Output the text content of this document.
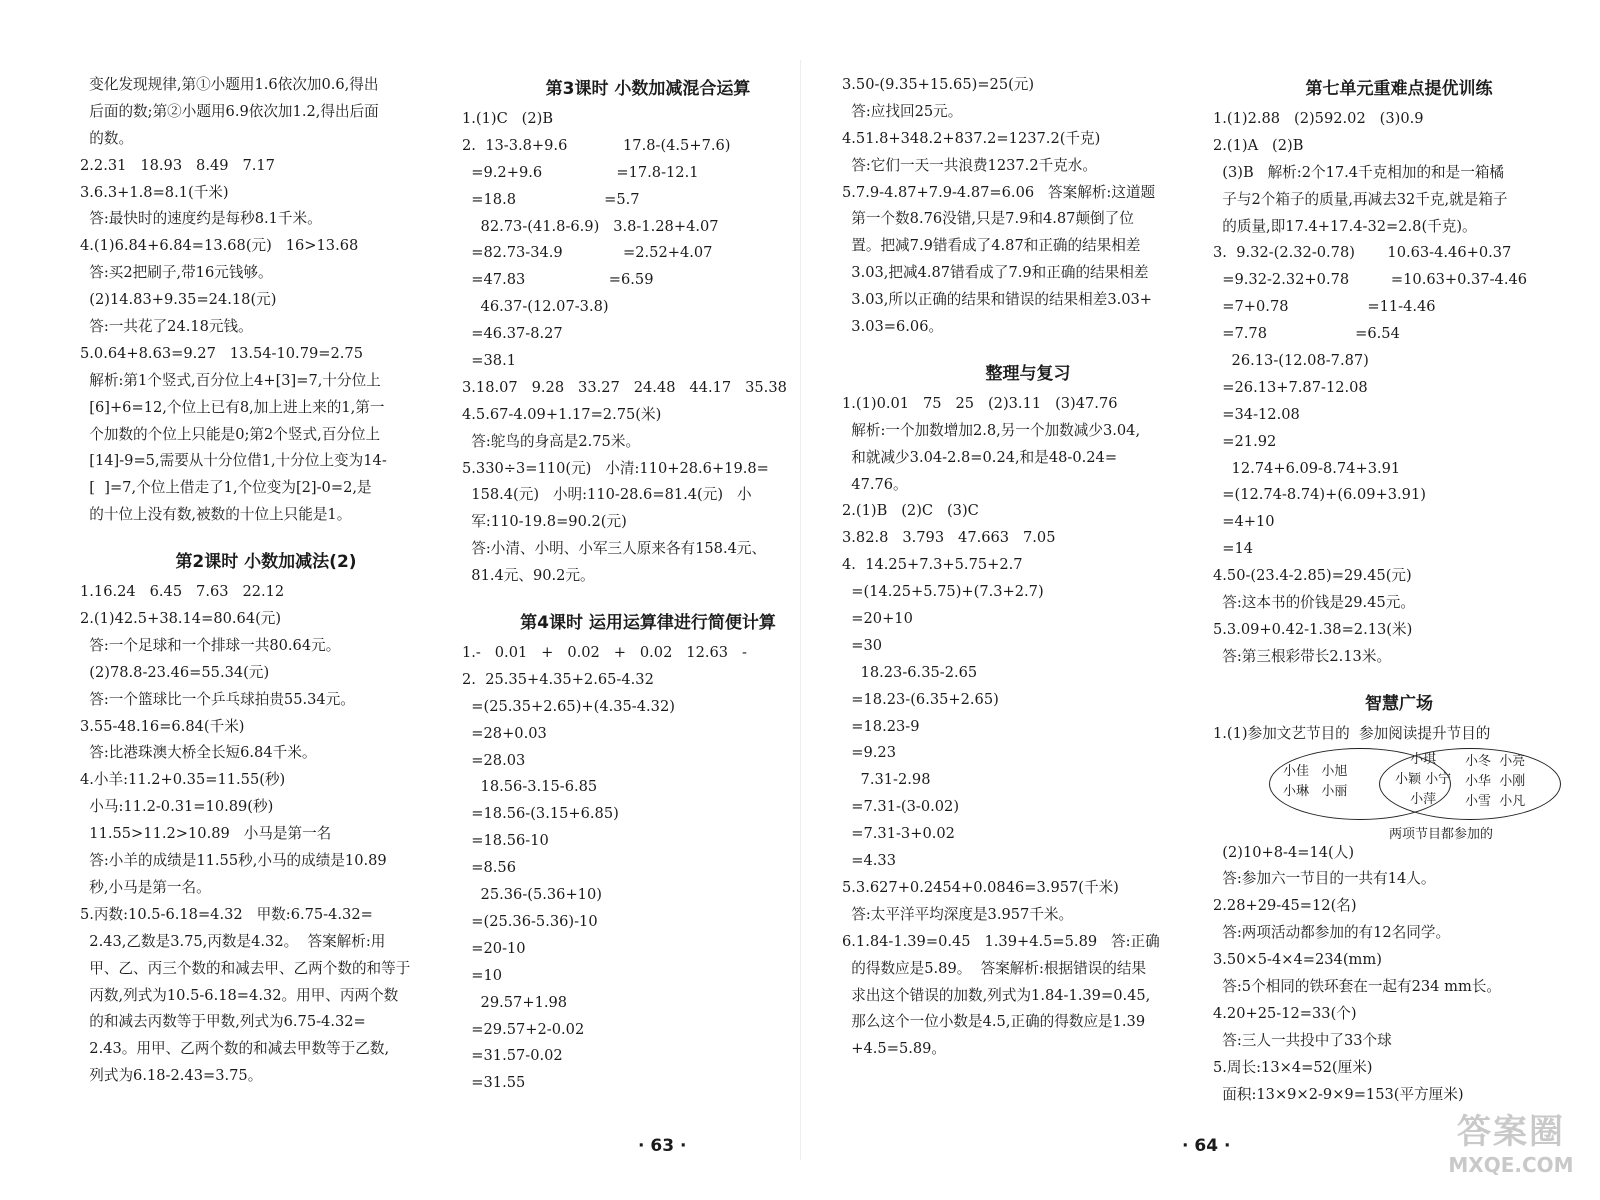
变化发现规律,第①小题用1.6依次加0.6,得出
后面的数;第②小题用6.9依次加1.2,得出后面
的数。
2.2.31   18.93   8.49   7.17
3.6.3+1.8=8.1(千米)
答:最快时的速度约是每秒8.1千米。
4.(1)6.84+6.84=13.68(元)   16>13.68
答:买2把刷子,带16元钱够。
(2)14.83+9.35=24.18(元)
答:一共花了24.18元钱。
5.0.64+8.63=9.27   13.54-10.79=2.75
解析:第1个竖式,百分位上4+[3]=7,十分位上
[6]+6=12,个位上已有8,加上进上来的1,第一
个加数的个位上只能是0;第2个竖式,百分位上
[14]-9=5,需要从十分位借1,十分位上变为14-
[  ]=7,个位上借走了1,个位变为[2]-0=2,是
的十位上没有数,被数的十位上只能是1。
第2课时 小数加减法(2)
1.16.24   6.45   7.63   22.12
2.(1)42.5+38.14=80.64(元)
答:一个足球和一个排球一共80.64元。
(2)78.8-23.46=55.34(元)
答:一个篮球比一个乒乓球拍贵55.34元。
3.55-48.16=6.84(千米)
答:比港珠澳大桥全长短6.84千米。
4.小羊:11.2+0.35=11.55(秒)
小马:11.2-0.31=10.89(秒)
11.55>11.2>10.89   小马是第一名
答:小羊的成绩是11.55秒,小马的成绩是10.89
秒,小马是第一名。
5.丙数:10.5-6.18=4.32   甲数:6.75-4.32=
2.43,乙数是3.75,丙数是4.32。  答案解析:用
甲、乙、丙三个数的和减去甲、乙两个数的和等于
丙数,列式为10.5-6.18=4.32。用甲、丙两个数
的和减去丙数等于甲数,列式为6.75-4.32=
2.43。用甲、乙两个数的和减去甲数等于乙数,
列式为6.18-2.43=3.75。
第3课时 小数加减混合运算
1.(1)C   (2)B
2.  13-3.8+9.6            17.8-(4.5+7.6)
=9.2+9.6                =17.8-12.1
=18.8                   =5.7
82.73-(41.8-6.9)   3.8-1.28+4.07
=82.73-34.9             =2.52+4.07
=47.83                  =6.59
46.37-(12.07-3.8)
=46.37-8.27
=38.1
3.18.07   9.28   33.27   24.48   44.17   35.38
4.5.67-4.09+1.17=2.75(米)
答:鸵鸟的身高是2.75米。
5.330÷3=110(元)   小清:110+28.6+19.8=
158.4(元)   小明:110-28.6=81.4(元)   小
军:110-19.8=90.2(元)
答:小清、小明、小军三人原来各有158.4元、
81.4元、90.2元。
第4课时 运用运算律进行简便计算
1.-   0.01   +   0.02   +   0.02   12.63   -
2.  25.35+4.35+2.65-4.32
=(25.35+2.65)+(4.35-4.32)
=28+0.03
=28.03
18.56-3.15-6.85
=18.56-(3.15+6.85)
=18.56-10
=8.56
25.36-(5.36+10)
=(25.36-5.36)-10
=20-10
=10
29.57+1.98
=29.57+2-0.02
=31.57-0.02
=31.55
3.50-(9.35+15.65)=25(元)
答:应找回25元。
4.51.8+348.2+837.2=1237.2(千克)
答:它们一天一共浪费1237.2千克水。
5.7.9-4.87+7.9-4.87=6.06   答案解析:这道题
第一个数8.76没错,只是7.9和4.87颠倒了位
置。把减7.9错看成了4.87和正确的结果相差
3.03,把减4.87错看成了7.9和正确的结果相差
3.03,所以正确的结果和错误的结果相差3.03+
3.03=6.06。
整理与复习
1.(1)0.01   75   25   (2)3.11   (3)47.76
解析:一个加数增加2.8,另一个加数减少3.04,
和就减少3.04-2.8=0.24,和是48-0.24=
47.76。
2.(1)B   (2)C   (3)C
3.82.8   3.793   47.663   7.05
4.  14.25+7.3+5.75+2.7
=(14.25+5.75)+(7.3+2.7)
=20+10
=30
18.23-6.35-2.65
=18.23-(6.35+2.65)
=18.23-9
=9.23
7.31-2.98
=7.31-(3-0.02)
=7.31-3+0.02
=4.33
5.3.627+0.2454+0.0846=3.957(千米)
答:太平洋平均深度是3.957千米。
6.1.84-1.39=0.45   1.39+4.5=5.89   答:正确
的得数应是5.89。  答案解析:根据错误的结果
求出这个错误的加数,列式为1.84-1.39=0.45,
那么这个一位小数是4.5,正确的得数应是1.39
+4.5=5.89。
第七单元重难点提优训练
1.(1)2.88   (2)592.02   (3)0.9
2.(1)A   (2)B
(3)B   解析:2个17.4千克相加的和是一箱橘
子与2个箱子的质量,再减去32千克,就是箱子
的质量,即17.4+17.4-32=2.8(千克)。
3.  9.32-(2.32-0.78)       10.63-4.46+0.37
=9.32-2.32+0.78         =10.63+0.37-4.46
=7+0.78                 =11-4.46
=7.78                   =6.54
26.13-(12.08-7.87)
=26.13+7.87-12.08
=34-12.08
=21.92
12.74+6.09-8.74+3.91
=(12.74-8.74)+(6.09+3.91)
=4+10
=14
4.50-(23.4-2.85)=29.45(元)
答:这本书的价钱是29.45元。
5.3.09+0.42-1.38=2.13(米)
答:第三根彩带长2.13米。
智慧广场
1.(1)参加文艺节目的  参加阅读提升节目的
小佳   小旭
小琳   小丽
小琪
小颖 小宁
小萍
小冬  小亮
小华  小刚
小雪  小凡
两项节目都参加的
(2)10+8-4=14(人)
答:参加六一节目的一共有14人。
2.28+29-45=12(名)
答:两项活动都参加的有12名同学。
3.50×5-4×4=234(mm)
答:5个相同的铁环套在一起有234 mm长。
4.20+25-12=33(个)
答:三人一共投中了33个球
5.周长:13×4=52(厘米)
面积:13×9×2-9×9=153(平方厘米)
· 63 ·	· 64 ·	答案圈
MXQE.COM
